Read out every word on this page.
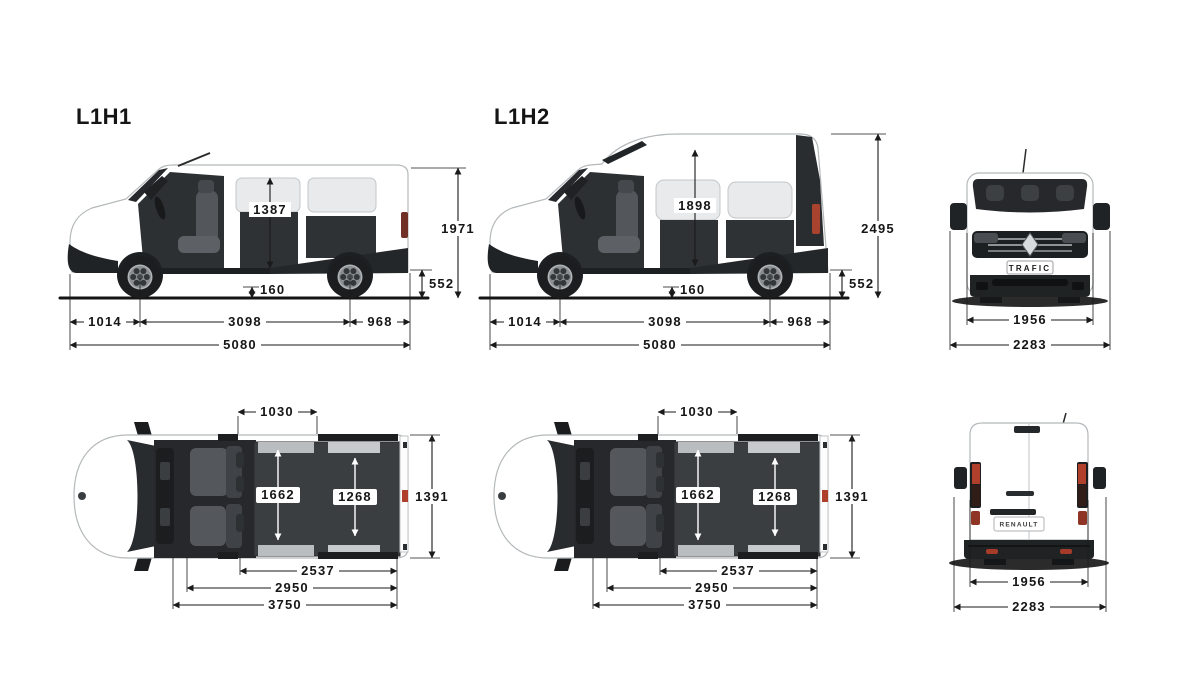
L1H1	L1H2
1387
1971
552
160
1014	3098	968
5080
1898
2495
552
160
1014	3098	968
5080
TRAFIC
1956
2283
1030
1662	1268	1391
2537
2950
3750
1030
1662	1268	1391
2537
2950
3750
RENAULT
1956
2283
